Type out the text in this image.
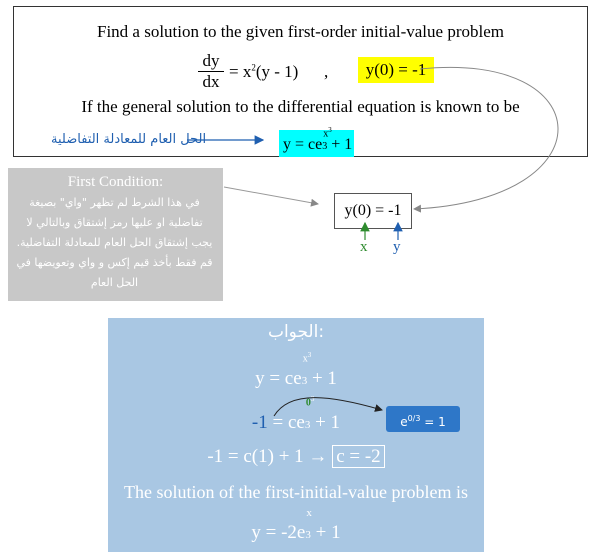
Find a solution to the given first-order initial-value problem
dy
dx
= $x^2(y - 1)$ ,	y(0) = -1
If the general solution to the differential equation is known to be
الحل العام للمعادلة التفاضلية	y = ce3
$x^3$
+ 1
y(0) = -1
x y
First Condition:
في هذا الشرط لم تظهر "واي" بصيغة تفاضلية او عليها رمز إشتقاق وبالتالي لا يجب إشتقاق الحل العام للمعادلة التفاضلية. قم فقط بأخذ قيم إكس و واي وتعويضها في الحل العام
الجواب:
y = ce3
$x^3$
+ 1
-1 = ce3
$0^3$
+ 1
-1 = c(1) + 1 → c = -2
The solution of the first-initial-value problem is
y = -2e3
x
+ 1
$e^{0/3} = 1$
